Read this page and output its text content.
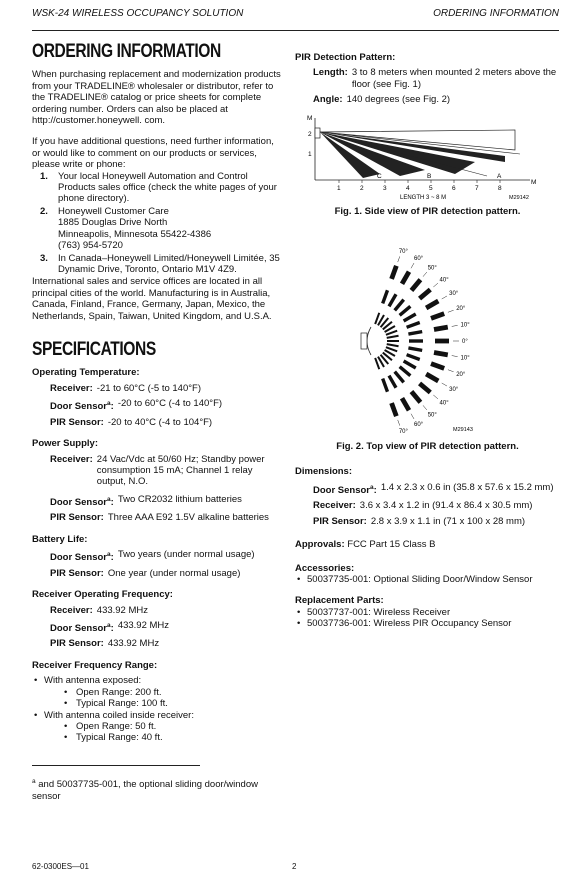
WSK-24 WIRELESS OCCUPANCY SOLUTION	ORDERING INFORMATION
ORDERING INFORMATION

When purchasing replacement and modernization products from your TRADELINE® wholesaler or distributor, refer to the TRADELINE® catalog or price sheets for complete ordering number. Orders can also be placed at http://customer.honeywell. com.

If you have additional questions, need further information, or would like to comment on our products or services, please write or phone:

1. Your local Honeywell Automation and Control Products sales office (check the white pages of your phone directory).
2. Honeywell Customer Care
1885 Douglas Drive North
Minneapolis, Minnesota 55422-4386
(763) 954-5720
3. In Canada–Honeywell Limited/Honeywell Limitée, 35 Dynamic Drive, Toronto, Ontario M1V 4Z9.

International sales and service offices are located in all principal cities of the world. Manufacturing is in Australia, Canada, Finland, France, Germany, Japan, Mexico, the Netherlands, Spain, Taiwan, United Kingdom, and U.S.A.

SPECIFICATIONS
Operating Temperature:
Receiver: -21 to 60°C (-5 to 140°F)
Door Sensor$^a$: -20 to 60°C (-4 to 140°F)
PIR Sensor: -20 to 40°C (-4 to 104°F)
Power Supply:
Receiver: 24 Vac/Vdc at 50/60 Hz; Standby power consumption 15 mA; Channel 1 relay output, N.O.
Door Sensor$^a$: Two CR2032 lithium batteries
PIR Sensor: Three AAA E92 1.5V alkaline batteries
Battery Life:
Door Sensor$^a$: Two years (under normal usage)
PIR Sensor: One year (under normal usage)
Receiver Operating Frequency:
Receiver: 433.92 MHz
Door Sensor$^a$: 433.92 MHz
PIR Sensor: 433.92 MHz
Receiver Frequency Range:
• With antenna exposed:
• Open Range: 200 ft.
• Typical Range: 100 ft.
• With antenna coiled inside receiver:
• Open Range: 50 ft.
• Typical Range: 40 ft.
$^a$ and 50037735-001, the optional sliding door/window sensor
PIR Detection Pattern:
Length: 3 to 8 meters when mounted 2 meters above the floor (see Fig. 1)
Angle: 140 degrees (see Fig. 2)
1	2	3	4	5	6	7	8
M
2
1
C	B	A
M
LENGTH 3 ~ 8 M	M29142
Fig. 1. Side view of PIR detection pattern.
70°
60°
50°
40°
30°
20°
10°
0°
10°
20°
30°
40°
50°
60°
70°	M29143
Fig. 2. Top view of PIR detection pattern.
Dimensions:
Door Sensor$^a$: 1.4 x 2.3 x 0.6 in (35.8 x 57.6 x 15.2 mm)
Receiver: 3.6 x 3.4 x 1.2 in (91.4 x 86.4 x 30.5 mm)
PIR Sensor: 2.8 x 3.9 x 1.1 in (71 x 100 x 28 mm)
Approvals: FCC Part 15 Class B
Accessories:
• 50037735-001: Optional Sliding Door/Window Sensor
Replacement Parts:
• 50037737-001: Wireless Receiver
• 50037736-001: Wireless PIR Occupancy Sensor
62-0300ES—01	2
